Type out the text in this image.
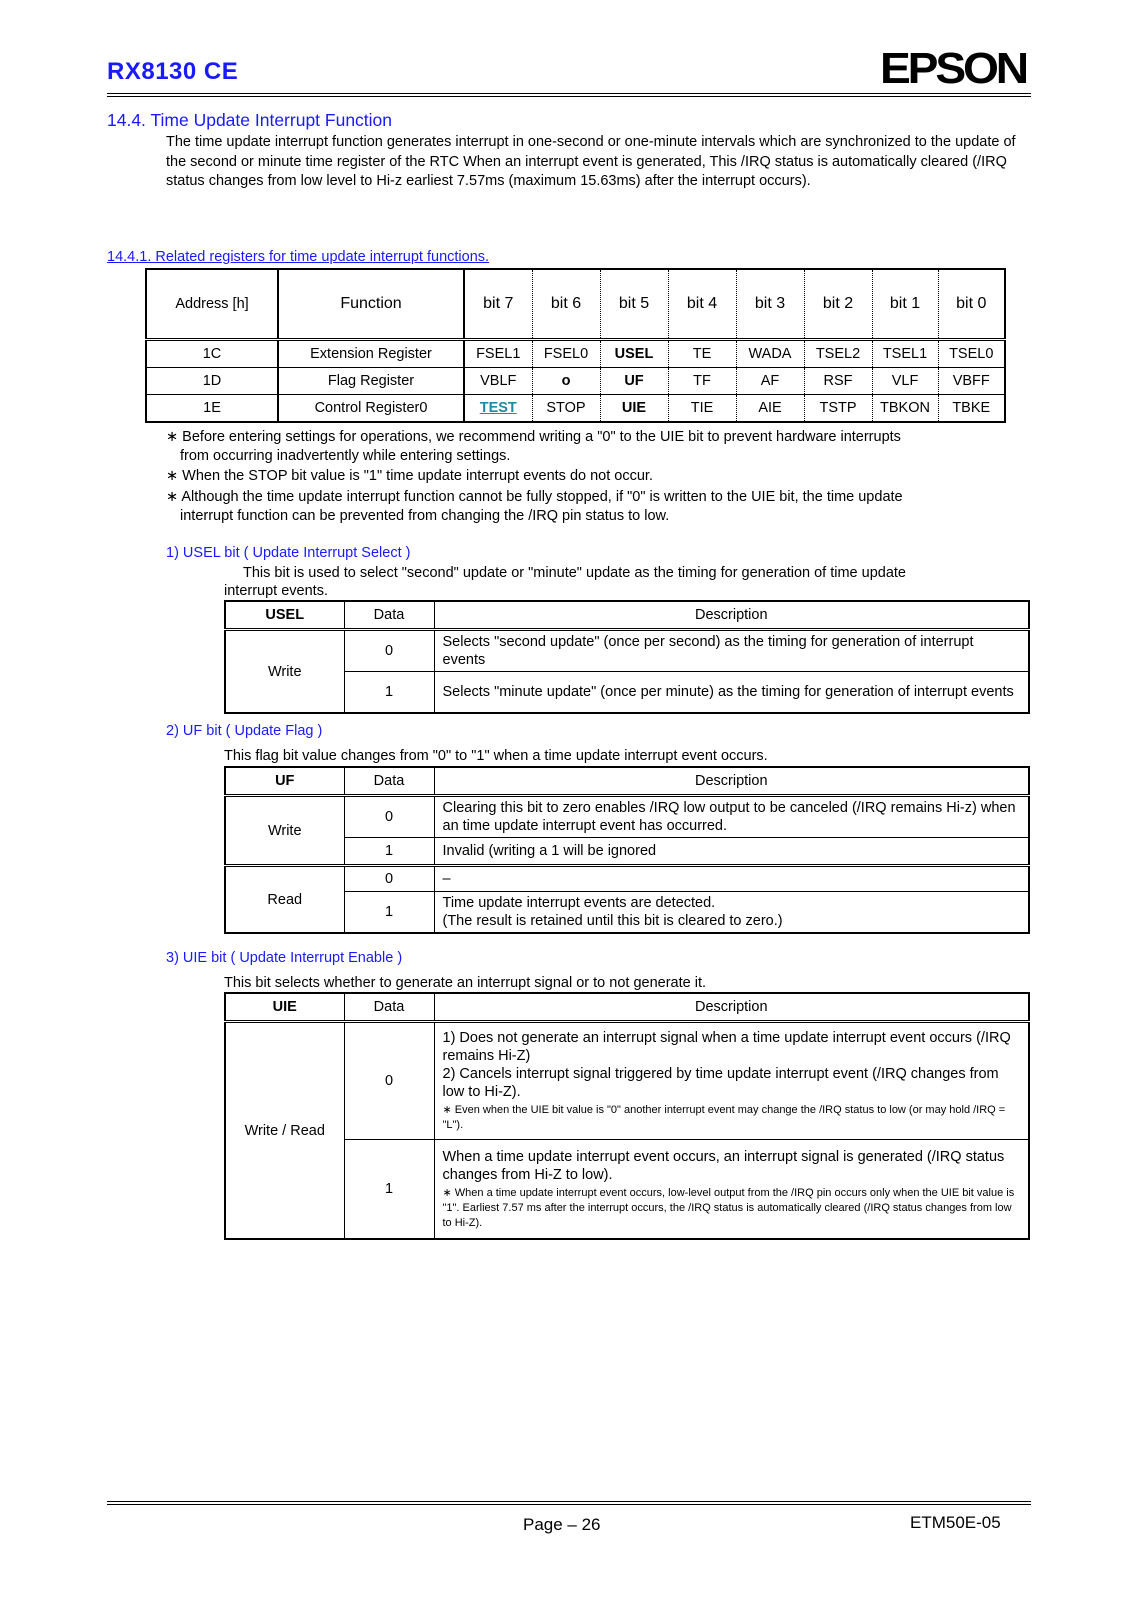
RX8130 CE	EPSON
14.4. Time Update Interrupt Function
The time update interrupt function generates interrupt in one-second or one-minute intervals which are synchronized to the update of the second or minute time register of the RTC When an interrupt event is generated, This /IRQ status is automatically cleared (/IRQ status changes from low level to Hi-z earliest 7.57ms (maximum 15.63ms) after the interrupt occurs).
14.4.1. Related registers for time update interrupt functions.
Address [h]	Function	bit 7	bit 6	bit 5	bit 4	bit 3	bit 2	bit 1	bit 0
1C	Extension Register	FSEL1	FSEL0	USEL	TE	WADA	TSEL2	TSEL1	TSEL0
1D	Flag Register	VBLF	o	UF	TF	AF	RSF	VLF	VBFF
1E	Control Register0	TEST	STOP	UIE	TIE	AIE	TSTP	TBKON	TBKE
∗ Before entering settings for operations, we recommend writing a "0" to the UIE bit to prevent hardware interrupts
from occurring inadvertently while entering settings.
∗ When the STOP bit value is "1" time update interrupt events do not occur.
∗ Although the time update interrupt function cannot be fully stopped, if "0" is written to the UIE bit, the time update
interrupt function can be prevented from changing the /IRQ pin status to low.
1) USEL bit ( Update Interrupt Select )
This bit is used to select "second" update or "minute" update as the timing for generation of time update
interrupt events.
USEL	Data	Description
Write	0	Selects "second update" (once per second) as the timing for generation of interrupt events
	1	Selects "minute update" (once per minute) as the timing for generation of interrupt events
2) UF bit ( Update Flag )
This flag bit value changes from "0" to "1" when a time update interrupt event occurs.
UF	Data	Description
Write	0	Clearing this bit to zero enables /IRQ low output to be canceled (/IRQ remains Hi-z) when an time update interrupt event has occurred.
	1	Invalid (writing a 1 will be ignored
Read	0	–
	1	Time update interrupt events are detected.
(The result is retained until this bit is cleared to zero.)
3) UIE bit ( Update Interrupt Enable )
This bit selects whether to generate an interrupt signal or to not generate it.
UIE	Data	Description
Write / Read	0	1) Does not generate an interrupt signal when a time update interrupt event occurs (/IRQ remains Hi-Z)
2) Cancels interrupt signal triggered by time update interrupt event (/IRQ changes from low to Hi-Z).
∗ Even when the UIE bit value is "0" another interrupt event may change the /IRQ status to low (or may hold /IRQ = "L").

	1	When a time update interrupt event occurs, an interrupt signal is generated (/IRQ status changes from Hi-Z to low).
∗ When a time update interrupt event occurs, low-level output from the /IRQ pin occurs only when the UIE bit value is "1". Earliest 7.57 ms after the interrupt occurs, the /IRQ status is automatically cleared (/IRQ status changes from low to Hi-Z).
Page – 26	ETM50E-05
